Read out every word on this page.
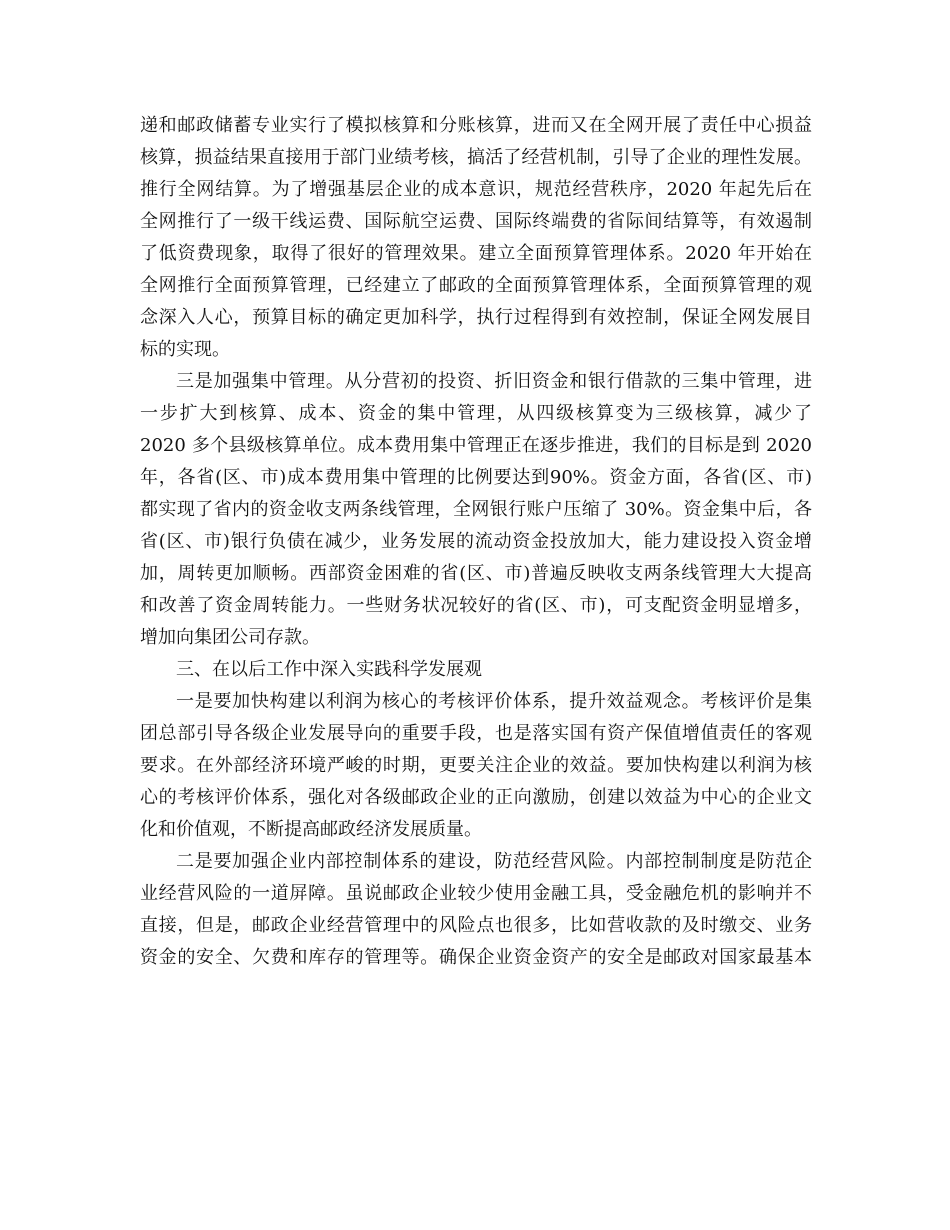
递和邮政储蓄专业实行了模拟核算和分账核算，进而又在全网开展了责任中心损益
核算，损益结果直接用于部门业绩考核，搞活了经营机制，引导了企业的理性发展。
推行全网结算。为了增强基层企业的成本意识，规范经营秩序，2020 年起先后在
全网推行了一级干线运费、国际航空运费、国际终端费的省际间结算等，有效遏制
了低资费现象，取得了很好的管理效果。建立全面预算管理体系。2020 年开始在
全网推行全面预算管理，已经建立了邮政的全面预算管理体系，全面预算管理的观
念深入人心，预算目标的确定更加科学，执行过程得到有效控制，保证全网发展目
标的实现。
三是加强集中管理。从分营初的投资、折旧资金和银行借款的三集中管理，进
一步扩大到核算、成本、资金的集中管理，从四级核算变为三级核算，减少了
2020 多个县级核算单位。成本费用集中管理正在逐步推进，我们的目标是到 2020
年，各省(区、市)成本费用集中管理的比例要达到90%。资金方面，各省(区、市)
都实现了省内的资金收支两条线管理，全网银行账户压缩了 30%。资金集中后，各
省(区、市)银行负债在减少，业务发展的流动资金投放加大，能力建设投入资金增
加，周转更加顺畅。西部资金困难的省(区、市)普遍反映收支两条线管理大大提高
和改善了资金周转能力。一些财务状况较好的省(区、市)，可支配资金明显增多，
增加向集团公司存款。
三、在以后工作中深入实践科学发展观
一是要加快构建以利润为核心的考核评价体系，提升效益观念。考核评价是集
团总部引导各级企业发展导向的重要手段，也是落实国有资产保值增值责任的客观
要求。在外部经济环境严峻的时期，更要关注企业的效益。要加快构建以利润为核
心的考核评价体系，强化对各级邮政企业的正向激励，创建以效益为中心的企业文
化和价值观，不断提高邮政经济发展质量。
二是要加强企业内部控制体系的建设，防范经营风险。内部控制制度是防范企
业经营风险的一道屏障。虽说邮政企业较少使用金融工具，受金融危机的影响并不
直接，但是，邮政企业经营管理中的风险点也很多，比如营收款的及时缴交、业务
资金的安全、欠费和库存的管理等。确保企业资金资产的安全是邮政对国家最基本
